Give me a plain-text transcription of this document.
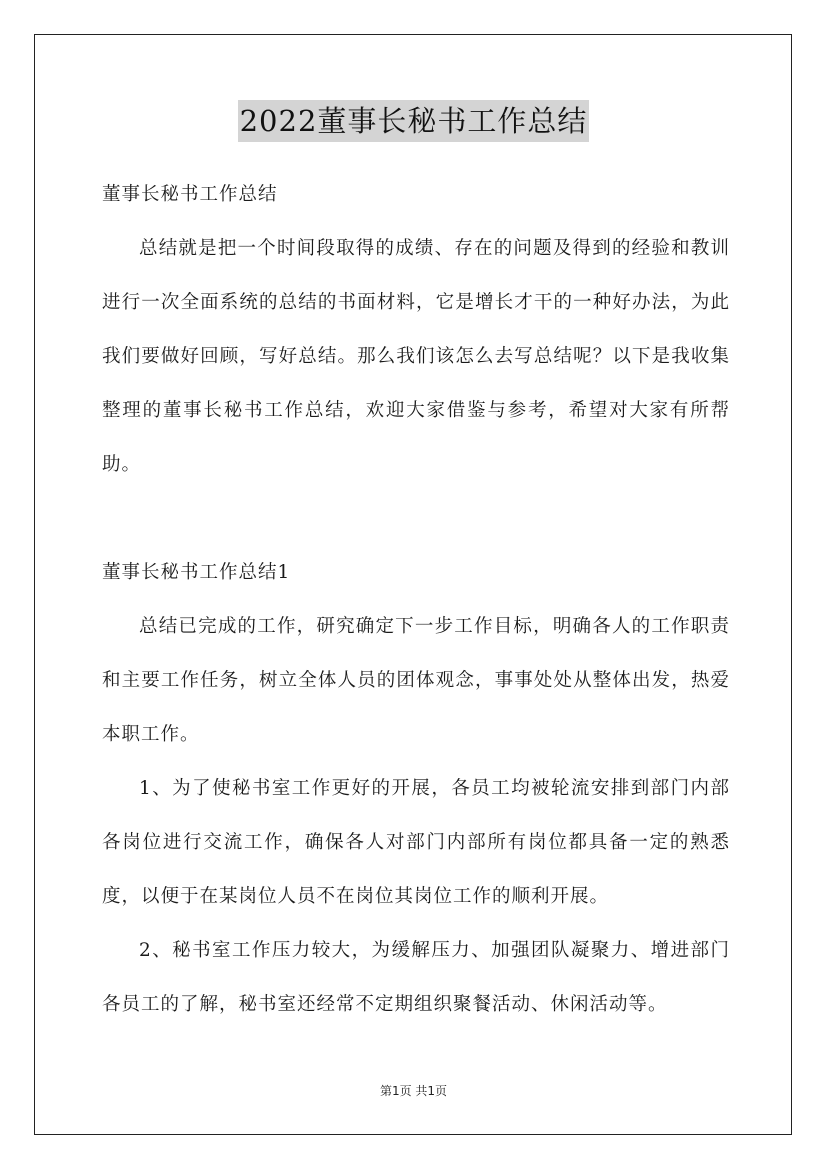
2022董事长秘书工作总结

董事长秘书工作总结

总结就是把一个时间段取得的成绩、存在的问题及得到的经验和教训进行一次全面系统的总结的书面材料，它是增长才干的一种好办法，为此我们要做好回顾，写好总结。那么我们该怎么去写总结呢？以下是我收集整理的董事长秘书工作总结，欢迎大家借鉴与参考，希望对大家有所帮助。

董事长秘书工作总结1

总结已完成的工作，研究确定下一步工作目标，明确各人的工作职责和主要工作任务，树立全体人员的团体观念，事事处处从整体出发，热爱本职工作。

1、为了使秘书室工作更好的开展，各员工均被轮流安排到部门内部各岗位进行交流工作，确保各人对部门内部所有岗位都具备一定的熟悉度，以便于在某岗位人员不在岗位其岗位工作的顺利开展。

2、秘书室工作压力较大，为缓解压力、加强团队凝聚力、增进部门各员工的了解，秘书室还经常不定期组织聚餐活动、休闲活动等。

第1页 共1页
